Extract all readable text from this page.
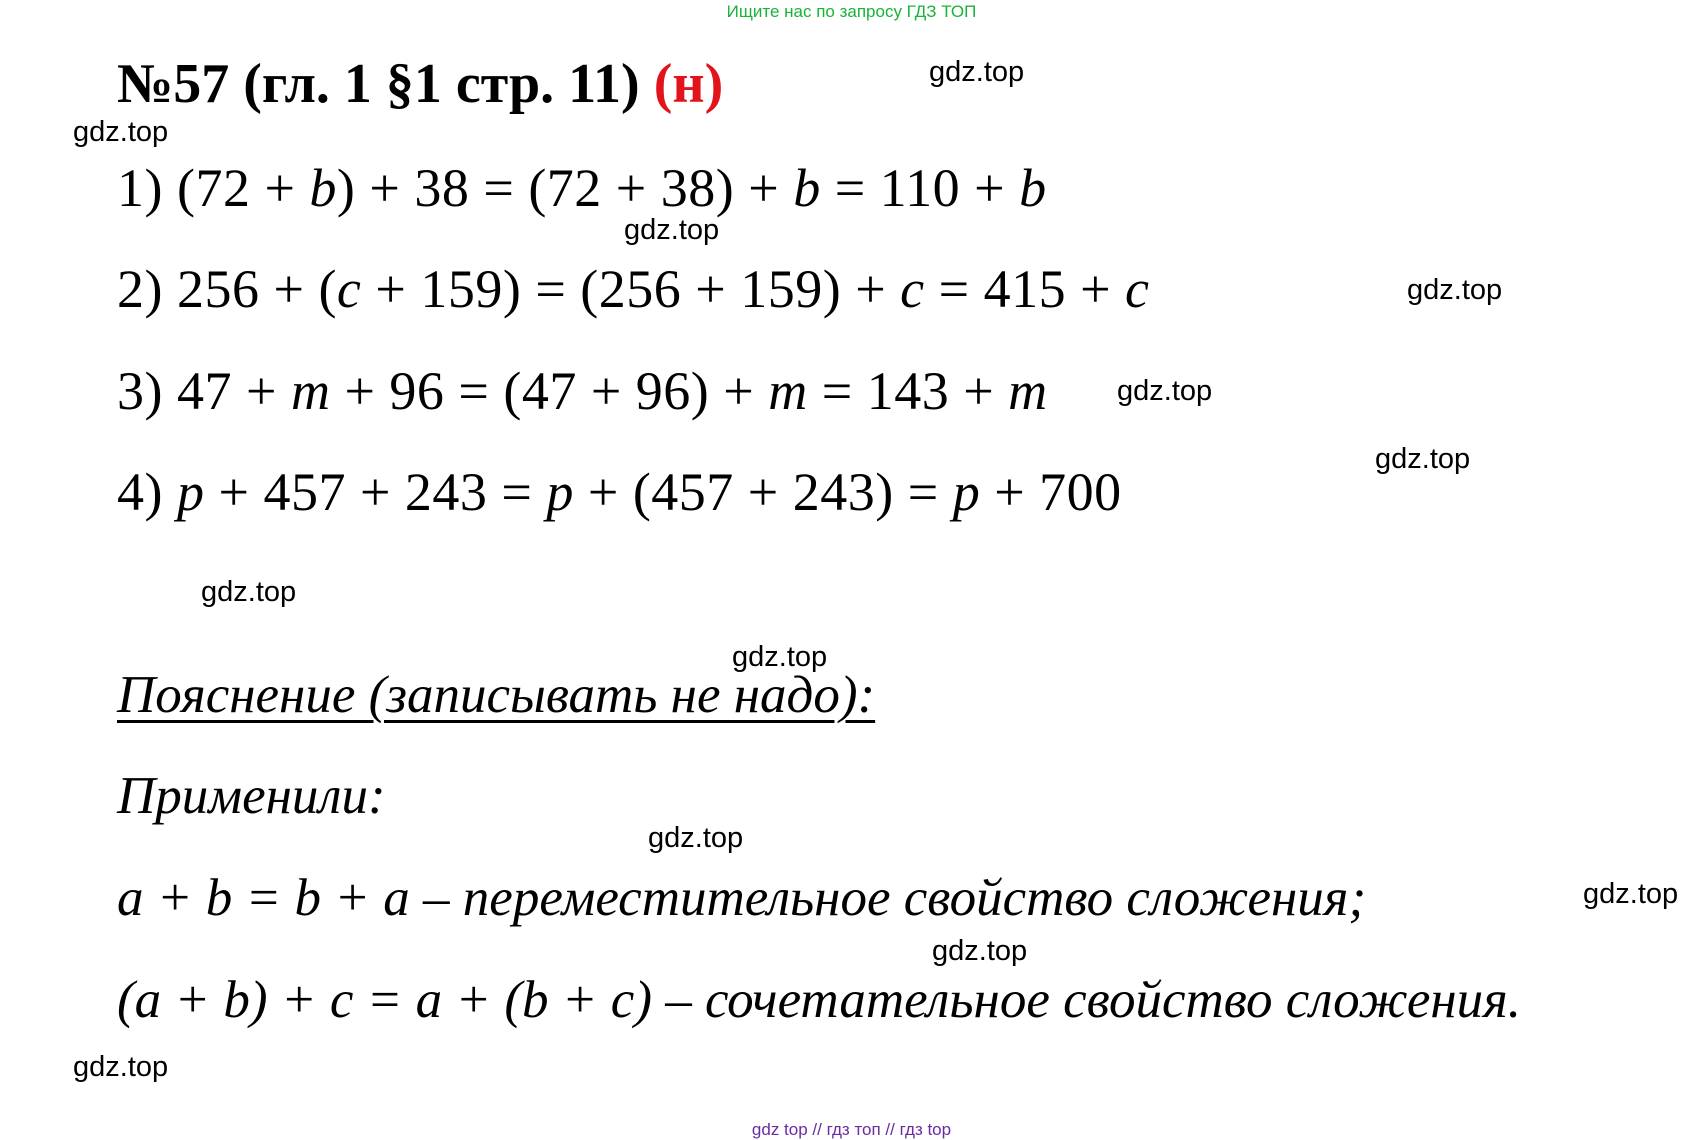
Ищите нас по запросу ГДЗ ТОП
№57 (гл. 1 §1 стр. 11) (н)
1) (72 + b) + 38 = (72 + 38) + b = 110 + b
2) 256 + (c + 159) = (256 + 159) + c = 415 + c
3) 47 + m + 96 = (47 + 96) + m = 143 + m
4) p + 457 + 243 = p + (457 + 243) = p + 700
Пояснение (записывать не надо):
Применили:
a + b = b + a – переместительное свойство сложения;
(a + b) + c = a + (b + c) – сочетательное свойство сложения.
gdz.top
gdz.top
gdz.top
gdz.top
gdz.top
gdz.top
gdz.top
gdz.top
gdz.top
gdz.top
gdz.top
gdz.top
gdz top // гдз топ // гдз top
